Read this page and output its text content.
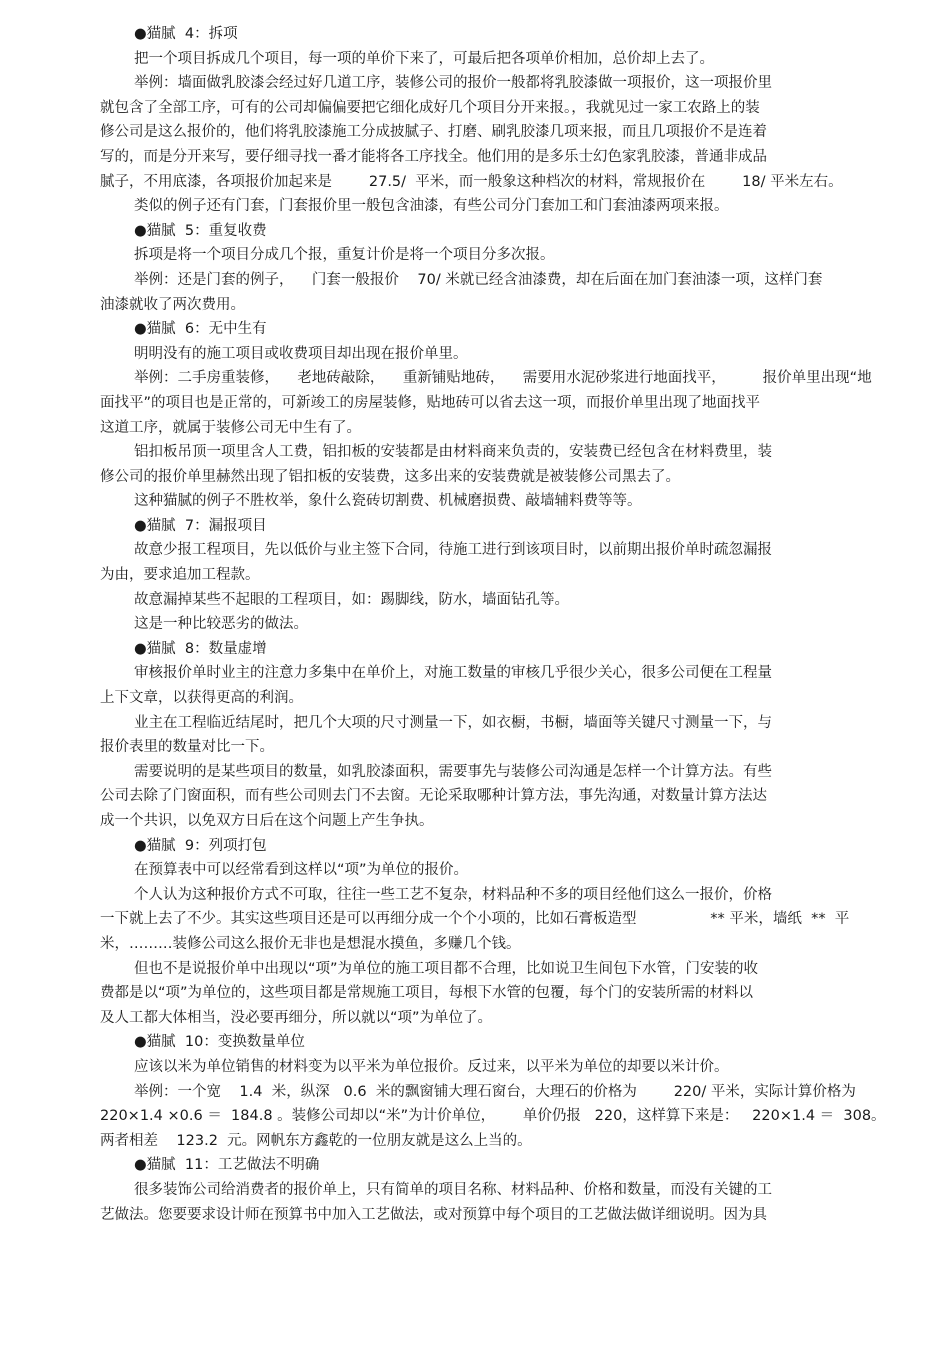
●猫腻  4：拆项
把一个项目拆成几个项目，每一项的单价下来了，可最后把各项单价相加，总价却上去了。
举例：墙面做乳胶漆会经过好几道工序，装修公司的报价一般都将乳胶漆做一项报价，这一项报价里
就包含了全部工序，可有的公司却偏偏要把它细化成好几个项目分开来报。，我就见过一家工农路上的装
修公司是这么报价的，他们将乳胶漆施工分成披腻子、打磨、刷乳胶漆几项来报，而且几项报价不是连着
写的，而是分开来写，要仔细寻找一番才能将各工序找全。他们用的是多乐士幻色家乳胶漆，普通非成品
腻子，不用底漆，各项报价加起来是        27.5/  平米，而一般象这种档次的材料，常规报价在        18/ 平米左右。
类似的例子还有门套，门套报价里一般包含油漆，有些公司分门套加工和门套油漆两项来报。
●猫腻  5：重复收费
拆项是将一个项目分成几个报，重复计价是将一个项目分多次报。
举例：还是门套的例子，    门套一般报价    70/ 米就已经含油漆费，却在后面在加门套油漆一项，这样门套
油漆就收了两次费用。
●猫腻  6：无中生有
明明没有的施工项目或收费项目却出现在报价单里。
举例：二手房重装修，    老地砖敲除，    重新铺贴地砖，    需要用水泥砂浆进行地面找平，        报价单里出现“地
面找平”的项目也是正常的，可新竣工的房屋装修，贴地砖可以省去这一项，而报价单里出现了地面找平
这道工序，就属于装修公司无中生有了。
铝扣板吊顶一项里含人工费，铝扣板的安装都是由材料商来负责的，安装费已经包含在材料费里，装
修公司的报价单里赫然出现了铝扣板的安装费，这多出来的安装费就是被装修公司黑去了。
这种猫腻的例子不胜枚举，象什么瓷砖切割费、机械磨损费、敲墙辅料费等等。
●猫腻  7：漏报项目
故意少报工程项目，先以低价与业主签下合同，待施工进行到该项目时，以前期出报价单时疏忽漏报
为由，要求追加工程款。
故意漏掉某些不起眼的工程项目，如：踢脚线，防水，墙面钻孔等。
这是一种比较恶劣的做法。
●猫腻  8：数量虚增
审核报价单时业主的注意力多集中在单价上，对施工数量的审核几乎很少关心，很多公司便在工程量
上下文章，以获得更高的利润。
业主在工程临近结尾时，把几个大项的尺寸测量一下，如衣橱，书橱，墙面等关键尺寸测量一下，与
报价表里的数量对比一下。
需要说明的是某些项目的数量，如乳胶漆面积，需要事先与装修公司沟通是怎样一个计算方法。有些
公司去除了门窗面积，而有些公司则去门不去窗。无论采取哪种计算方法，事先沟通，对数量计算方法达
成一个共识，以免双方日后在这个问题上产生争执。
●猫腻  9：列项打包
在预算表中可以经常看到这样以“项”为单位的报价。
个人认为这种报价方式不可取，往往一些工艺不复杂，材料品种不多的项目经他们这么一报价，价格
一下就上去了不少。其实这些项目还是可以再细分成一个个小项的，比如石膏板造型                ** 平米，墙纸  **  平
米，………装修公司这么报价无非也是想混水摸鱼，多赚几个钱。
但也不是说报价单中出现以“项”为单位的施工项目都不合理，比如说卫生间包下水管，门安装的收
费都是以“项”为单位的，这些项目都是常规施工项目，每根下水管的包覆，每个门的安装所需的材料以
及人工都大体相当，没必要再细分，所以就以“项”为单位了。
●猫腻  10：变换数量单位
应该以米为单位销售的材料变为以平米为单位报价。反过来，以平米为单位的却要以米计价。
举例：一个宽    1.4  米，纵深   0.6  米的飘窗铺大理石窗台，大理石的价格为        220/ 平米，实际计算价格为
220×1.4 ×0.6 ＝  184.8 。装修公司却以“米”为计价单位，      单价仍报   220，这样算下来是：   220×1.4 ＝  308。
两者相差    123.2  元。网帆东方鑫乾的一位朋友就是这么上当的。
●猫腻  11：工艺做法不明确
很多装饰公司给消费者的报价单上，只有简单的项目名称、材料品种、价格和数量，而没有关键的工
艺做法。您要要求设计师在预算书中加入工艺做法，或对预算中每个项目的工艺做法做详细说明。因为具
